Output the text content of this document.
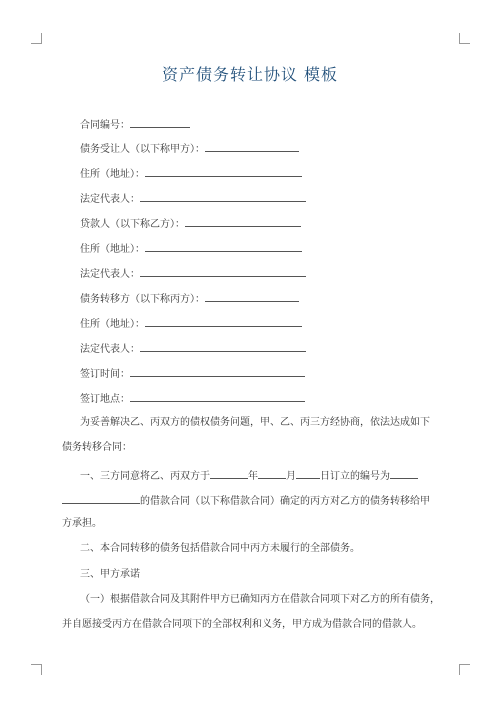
资产债务转让协议 模板
合同编号：
债务受让人（以下称甲方）：
住所（地址）：
法定代表人：
贷款人（以下称乙方）：
住所（地址）：
法定代表人：
债务转移方（以下称丙方）：
住所（地址）：
法定代表人：
签订时间：
签订地点：
为妥善解决乙、丙双方的债权债务问题，甲、乙、丙三方经协商，依法达成如下
债务转移合同：
一、三方同意将乙、丙双方于	年	月 日订立的编号为
的借款合同（以下称借款合同）确定的丙方对乙方的债务转移给甲
方承担。
二、本合同转移的债务包括借款合同中丙方未履行的全部债务。
三、甲方承诺
（一）根据借款合同及其附件甲方已确知丙方在借款合同项下对乙方的所有债务，
并自愿接受丙方在借款合同项下的全部权利和义务，甲方成为借款合同的借款人。
